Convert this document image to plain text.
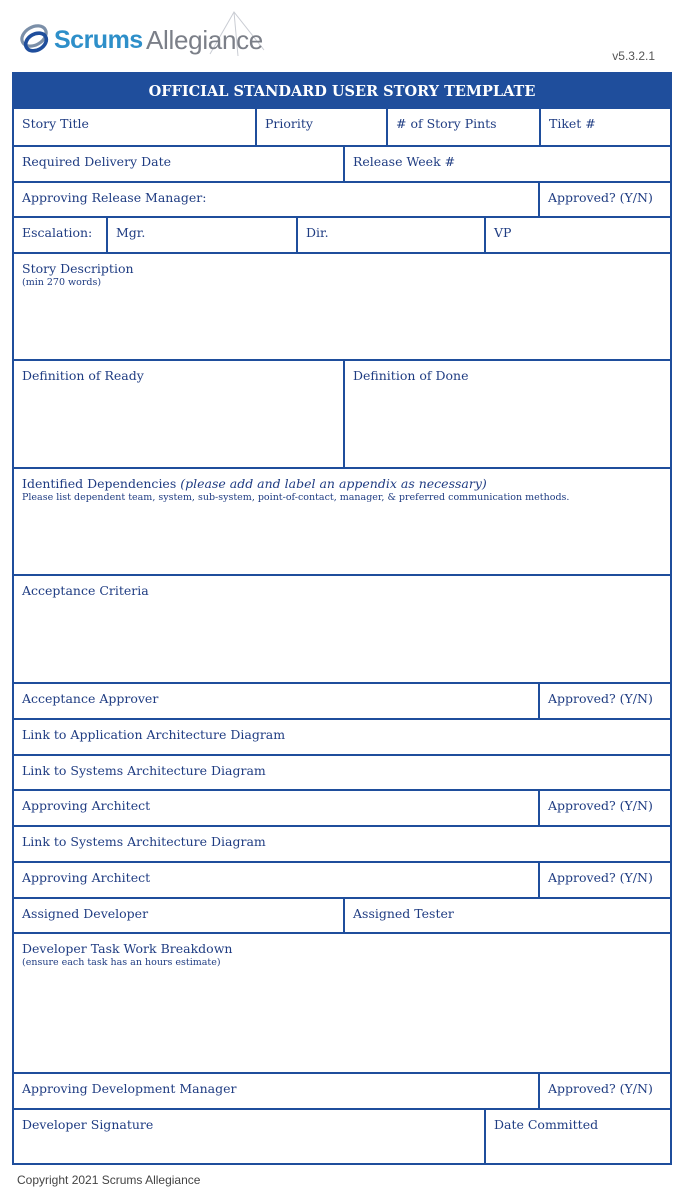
Scrums Allegiance
v5.3.2.1
OFFICIAL STANDARD USER STORY TEMPLATE
Story Title	Priority	# of Story Pints	Tiket #
Required Delivery Date	Release Week #
Approving Release Manager:	Approved? (Y/N)
Escalation:	Mgr.	Dir.	VP
Story Description
(min 270 words)
Definition of Ready	Definition of Done
Identified Dependencies (please add and label an appendix as necessary)
Please list dependent team, system, sub-system, point-of-contact, manager, & preferred communication methods.
Acceptance Criteria
Acceptance Approver	Approved? (Y/N)
Link to Application Architecture Diagram
Link to Systems Architecture Diagram
Approving Architect	Approved? (Y/N)
Link to Systems Architecture Diagram
Approving Architect	Approved? (Y/N)
Assigned Developer	Assigned Tester
Developer Task Work Breakdown
(ensure each task has an hours estimate)
Approving Development Manager	Approved? (Y/N)
Developer Signature	Date Committed
Copyright 2021 Scrums Allegiance
